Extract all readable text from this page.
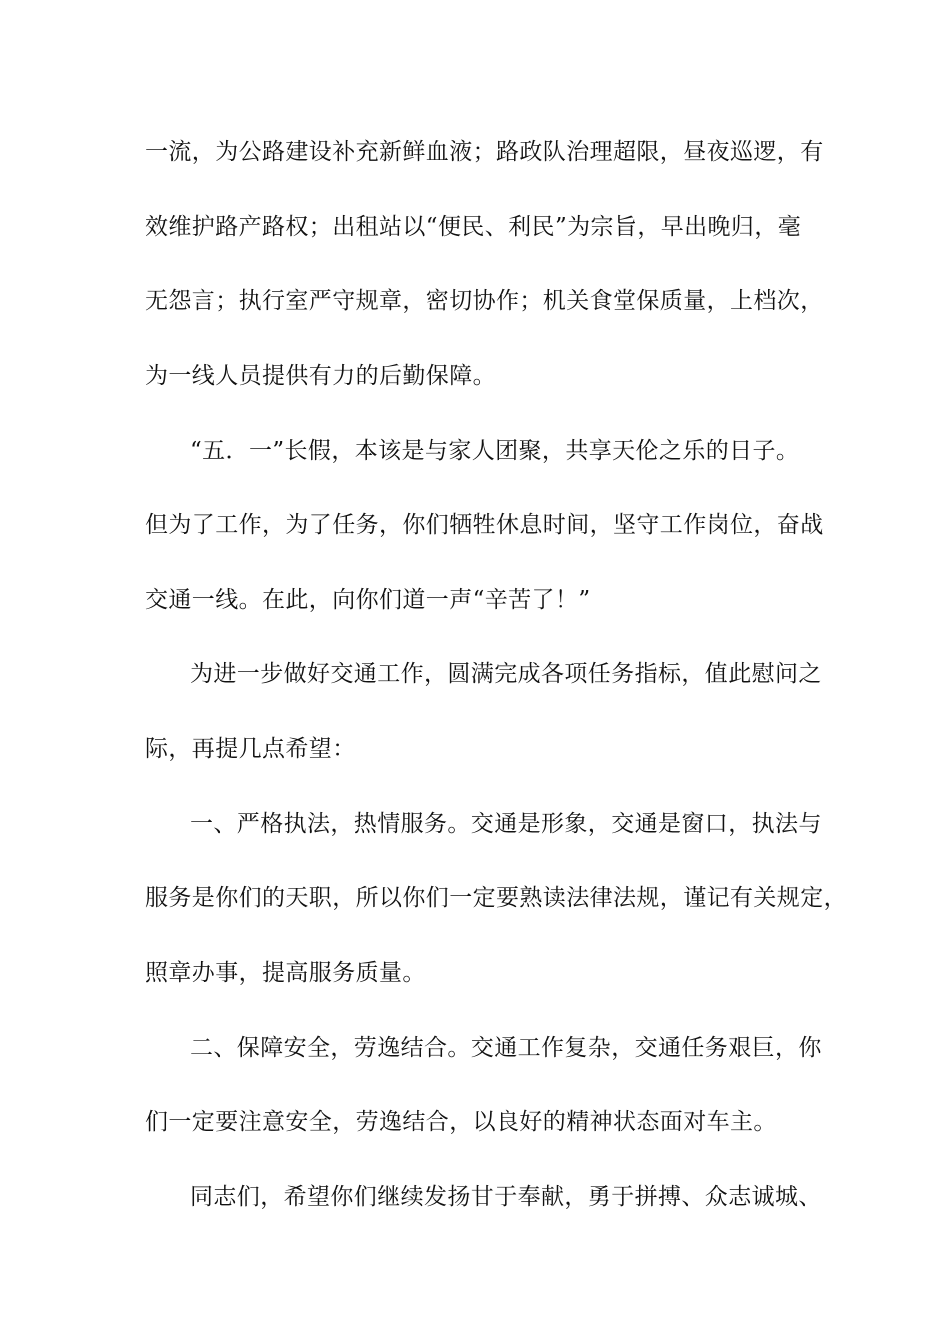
一流，为公路建设补充新鲜血液；路政队治理超限，昼夜巡逻，有
效维护路产路权；出租站以“便民、利民”为宗旨，早出晚归，毫
无怨言；执行室严守规章，密切协作；机关食堂保质量，上档次，
为一线人员提供有力的后勤保障。
“五．一”长假，本该是与家人团聚，共享天伦之乐的日子。
但为了工作，为了任务，你们牺牲休息时间，坚守工作岗位，奋战
交通一线。在此，向你们道一声“辛苦了！”
为进一步做好交通工作，圆满完成各项任务指标，值此慰问之
际，再提几点希望：
一、严格执法，热情服务。交通是形象，交通是窗口，执法与
服务是你们的天职，所以你们一定要熟读法律法规，谨记有关规定，
照章办事，提高服务质量。
二、保障安全，劳逸结合。交通工作复杂，交通任务艰巨，你
们一定要注意安全，劳逸结合，以良好的精神状态面对车主。
同志们，希望你们继续发扬甘于奉献，勇于拼搏、众志诚城、
